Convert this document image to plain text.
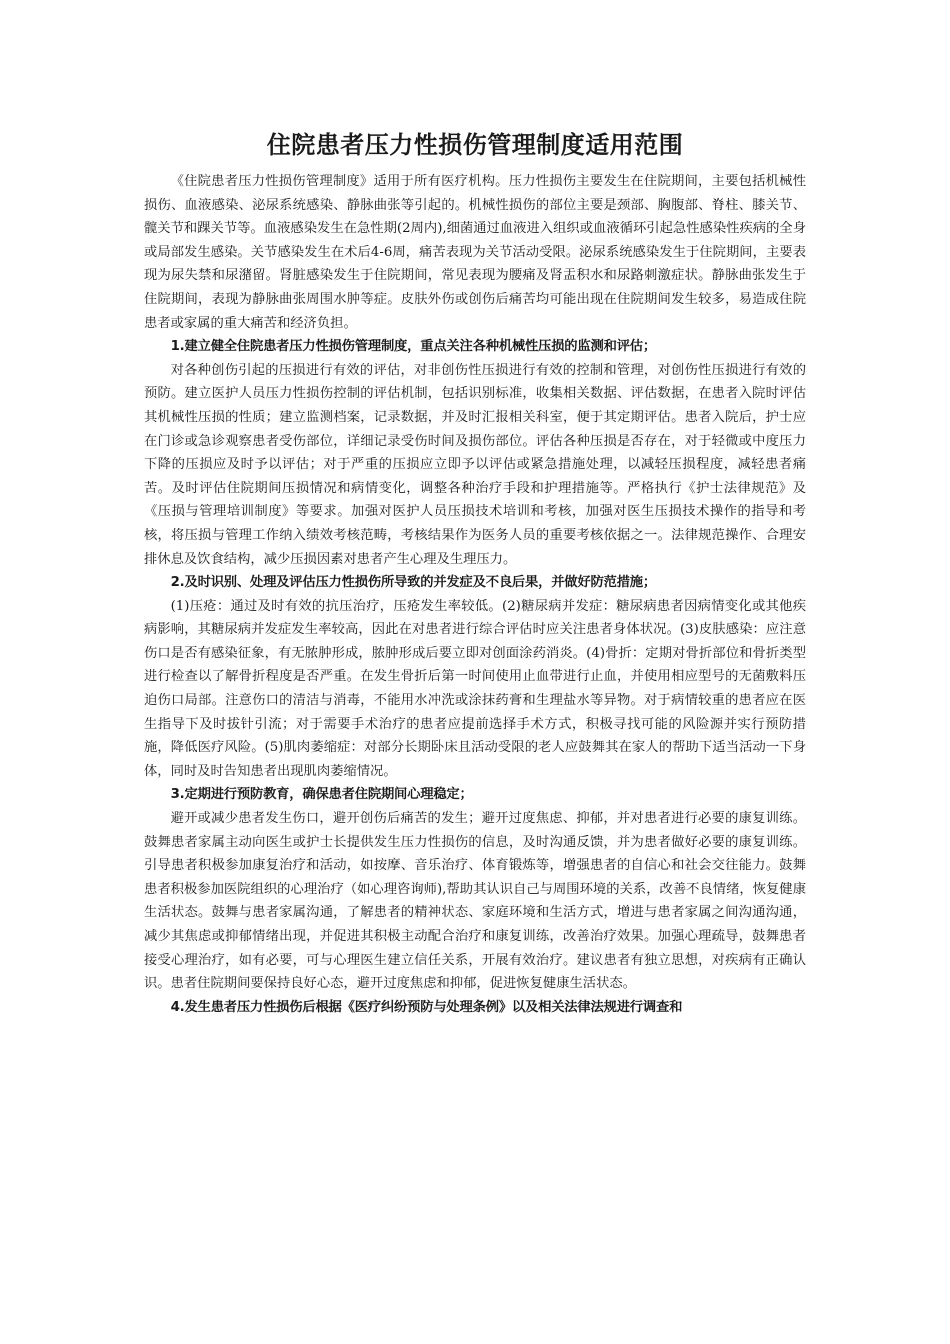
住院患者压力性损伤管理制度适用范围

《住院患者压力性损伤管理制度》适用于所有医疗机构。压力性损伤主要发生在住院期间，主要包括机械性损伤、血液感染、泌尿系统感染、静脉曲张等引起的。机械性损伤的部位主要是颈部、胸腹部、脊柱、膝关节、髋关节和踝关节等。血液感染发生在急性期(2周内),细菌通过血液进入组织或血液循环引起急性感染性疾病的全身或局部发生感染。关节感染发生在术后4-6周，痛苦表现为关节活动受限。泌尿系统感染发生于住院期间，主要表现为尿失禁和尿潴留。肾脏感染发生于住院期间，常见表现为腰痛及肾盂积水和尿路刺激症状。静脉曲张发生于住院期间，表现为静脉曲张周围水肿等症。皮肤外伤或创伤后痛苦均可能出现在住院期间发生较多，易造成住院患者或家属的重大痛苦和经济负担。

1.建立健全住院患者压力性损伤管理制度，重点关注各种机械性压损的监测和评估；

对各种创伤引起的压损进行有效的评估，对非创伤性压损进行有效的控制和管理，对创伤性压损进行有效的预防。建立医护人员压力性损伤控制的评估机制，包括识别标准，收集相关数据、评估数据，在患者入院时评估其机械性压损的性质；建立监测档案，记录数据，并及时汇报相关科室，便于其定期评估。患者入院后，护士应在门诊或急诊观察患者受伤部位，详细记录受伤时间及损伤部位。评估各种压损是否存在，对于轻微或中度压力下降的压损应及时予以评估；对于严重的压损应立即予以评估或紧急措施处理，以减轻压损程度，减轻患者痛苦。及时评估住院期间压损情况和病情变化，调整各种治疗手段和护理措施等。严格执行《护士法律规范》及《压损与管理培训制度》等要求。加强对医护人员压损技术培训和考核，加强对医生压损技术操作的指导和考核，将压损与管理工作纳入绩效考核范畴，考核结果作为医务人员的重要考核依据之一。法律规范操作、合理安排休息及饮食结构，减少压损因素对患者产生心理及生理压力。

2.及时识别、处理及评估压力性损伤所导致的并发症及不良后果，并做好防范措施；

(1)压疮：通过及时有效的抗压治疗，压疮发生率较低。(2)糖尿病并发症：糖尿病患者因病情变化或其他疾病影响，其糖尿病并发症发生率较高，因此在对患者进行综合评估时应关注患者身体状况。(3)皮肤感染：应注意伤口是否有感染征象，有无脓肿形成，脓肿形成后要立即对创面涂药消炎。(4)骨折：定期对骨折部位和骨折类型进行检查以了解骨折程度是否严重。在发生骨折后第一时间使用止血带进行止血，并使用相应型号的无菌敷料压迫伤口局部。注意伤口的清洁与消毒，不能用水冲洗或涂抹药膏和生理盐水等异物。对于病情较重的患者应在医生指导下及时拔针引流；对于需要手术治疗的患者应提前选择手术方式，积极寻找可能的风险源并实行预防措施，降低医疗风险。(5)肌肉萎缩症：对部分长期卧床且活动受限的老人应鼓舞其在家人的帮助下适当活动一下身体，同时及时告知患者出现肌肉萎缩情况。

3.定期进行预防教育，确保患者住院期间心理稳定；

避开或减少患者发生伤口，避开创伤后痛苦的发生；避开过度焦虑、抑郁，并对患者进行必要的康复训练。鼓舞患者家属主动向医生或护士长提供发生压力性损伤的信息，及时沟通反馈，并为患者做好必要的康复训练。引导患者积极参加康复治疗和活动，如按摩、音乐治疗、体育锻炼等，增强患者的自信心和社会交往能力。鼓舞患者积极参加医院组织的心理治疗（如心理咨询师),帮助其认识自己与周围环境的关系，改善不良情绪，恢复健康生活状态。鼓舞与患者家属沟通，了解患者的精神状态、家庭环境和生活方式，增进与患者家属之间沟通沟通，减少其焦虑或抑郁情绪出现，并促进其积极主动配合治疗和康复训练，改善治疗效果。加强心理疏导，鼓舞患者接受心理治疗，如有必要，可与心理医生建立信任关系，开展有效治疗。建议患者有独立思想，对疾病有正确认识。患者住院期间要保持良好心态，避开过度焦虑和抑郁，促进恢复健康生活状态。

4.发生患者压力性损伤后根据《医疗纠纷预防与处理条例》以及相关法律法规进行调查和
